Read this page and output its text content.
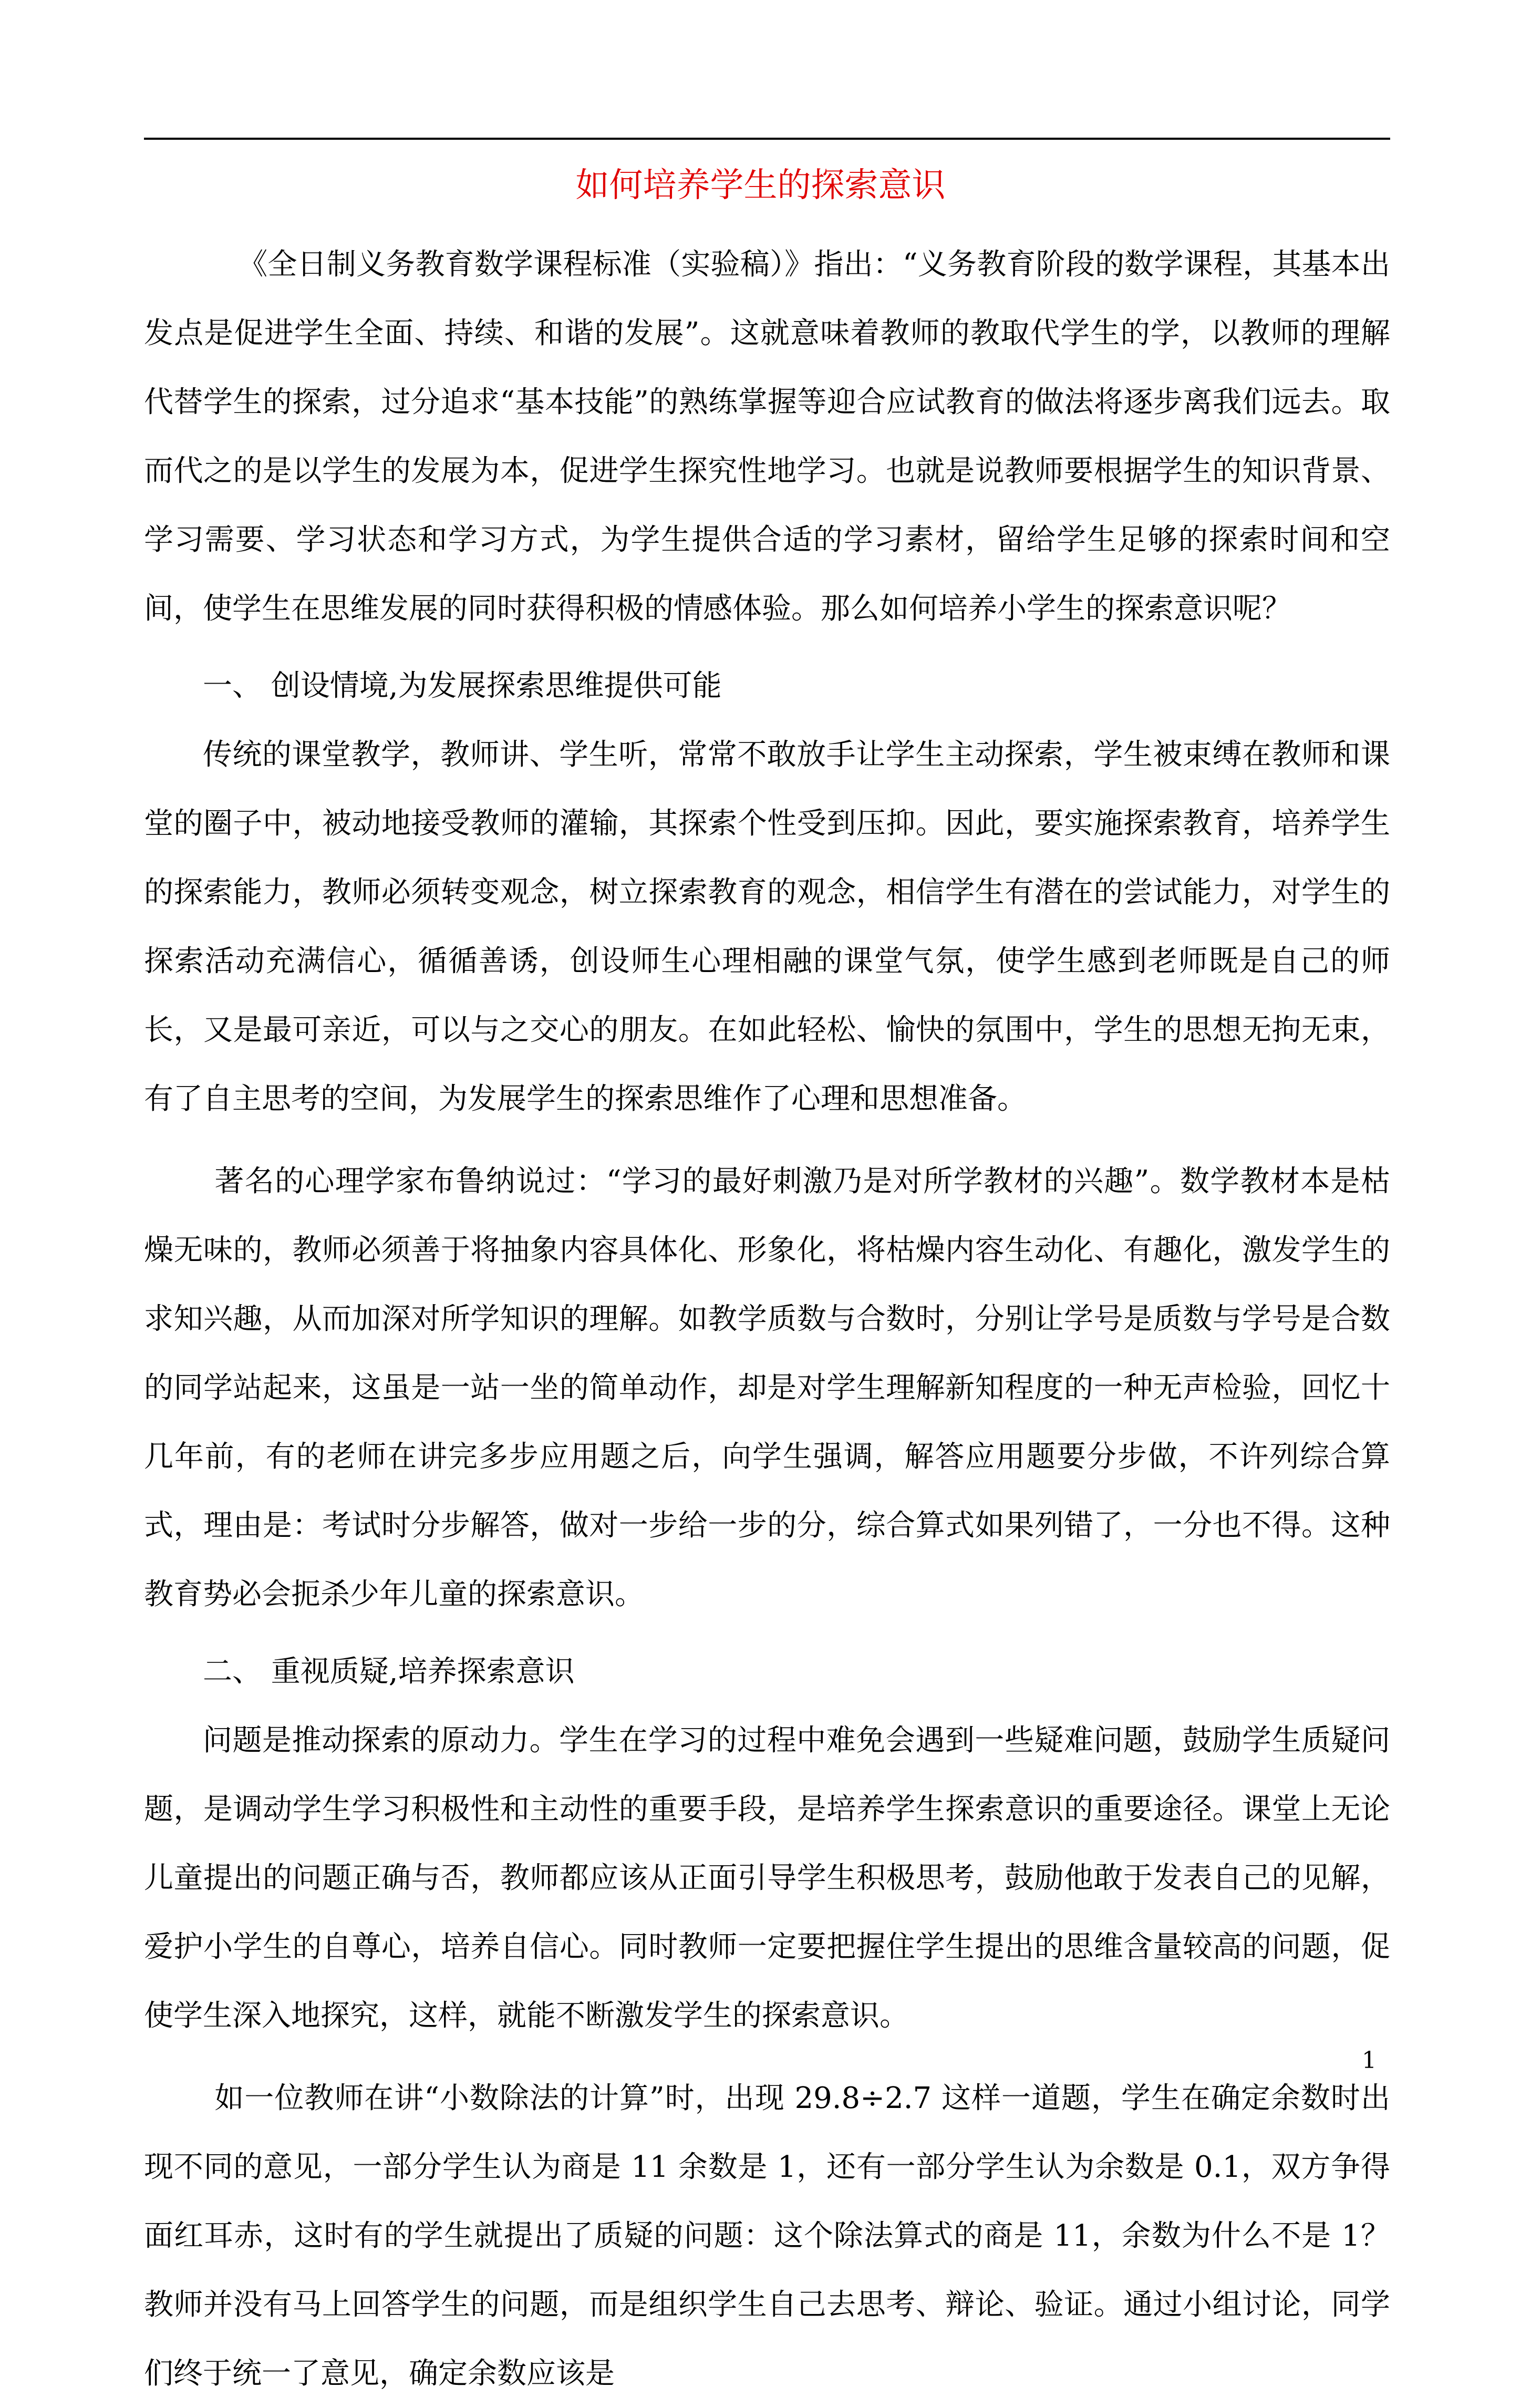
如何培养学生的探索意识

《全日制义务教育数学课程标准（实验稿）》指出：“义务教育阶段的数学课程，其基本出发点是促进学生全面、持续、和谐的发展”。这就意味着教师的教取代学生的学，以教师的理解代替学生的探索，过分追求“基本技能”的熟练掌握等迎合应试教育的做法将逐步离我们远去。取而代之的是以学生的发展为本，促进学生探究性地学习。也就是说教师要根据学生的知识背景、学习需要、学习状态和学习方式，为学生提供合适的学习素材，留给学生足够的探索时间和空间，使学生在思维发展的同时获得积极的情感体验。那么如何培养小学生的探索意识呢？

一、 创设情境,为发展探索思维提供可能

传统的课堂教学，教师讲、学生听，常常不敢放手让学生主动探索，学生被束缚在教师和课堂的圈子中，被动地接受教师的灌输，其探索个性受到压抑。因此，要实施探索教育，培养学生的探索能力，教师必须转变观念，树立探索教育的观念，相信学生有潜在的尝试能力，对学生的探索活动充满信心，循循善诱，创设师生心理相融的课堂气氛，使学生感到老师既是自己的师长，又是最可亲近，可以与之交心的朋友。在如此轻松、愉快的氛围中，学生的思想无拘无束，有了自主思考的空间，为发展学生的探索思维作了心理和思想准备。

著名的心理学家布鲁纳说过：“学习的最好刺激乃是对所学教材的兴趣”。数学教材本是枯燥无味的，教师必须善于将抽象内容具体化、形象化，将枯燥内容生动化、有趣化，激发学生的求知兴趣，从而加深对所学知识的理解。如教学质数与合数时，分别让学号是质数与学号是合数的同学站起来，这虽是一站一坐的简单动作，却是对学生理解新知程度的一种无声检验，回忆十几年前，有的老师在讲完多步应用题之后，向学生强调，解答应用题要分步做，不许列综合算式，理由是：考试时分步解答，做对一步给一步的分，综合算式如果列错了，一分也不得。这种教育势必会扼杀少年儿童的探索意识。

二、 重视质疑,培养探索意识

问题是推动探索的原动力。学生在学习的过程中难免会遇到一些疑难问题，鼓励学生质疑问题，是调动学生学习积极性和主动性的重要手段，是培养学生探索意识的重要途径。课堂上无论儿童提出的问题正确与否，教师都应该从正面引导学生积极思考，鼓励他敢于发表自己的见解，爱护小学生的自尊心，培养自信心。同时教师一定要把握住学生提出的思维含量较高的问题，促使学生深入地探究，这样，就能不断激发学生的探索意识。

如一位教师在讲“小数除法的计算”时，出现 29.8÷2.7 这样一道题，学生在确定余数时出现不同的意见，一部分学生认为商是 11 余数是 1，还有一部分学生认为余数是 0.1，双方争得面红耳赤，这时有的学生就提出了质疑的问题：这个除法算式的商是 11，余数为什么不是 1？教师并没有马上回答学生的问题，而是组织学生自己去思考、辩论、验证。通过小组讨论，同学们终于统一了意见，确定余数应该是

1
